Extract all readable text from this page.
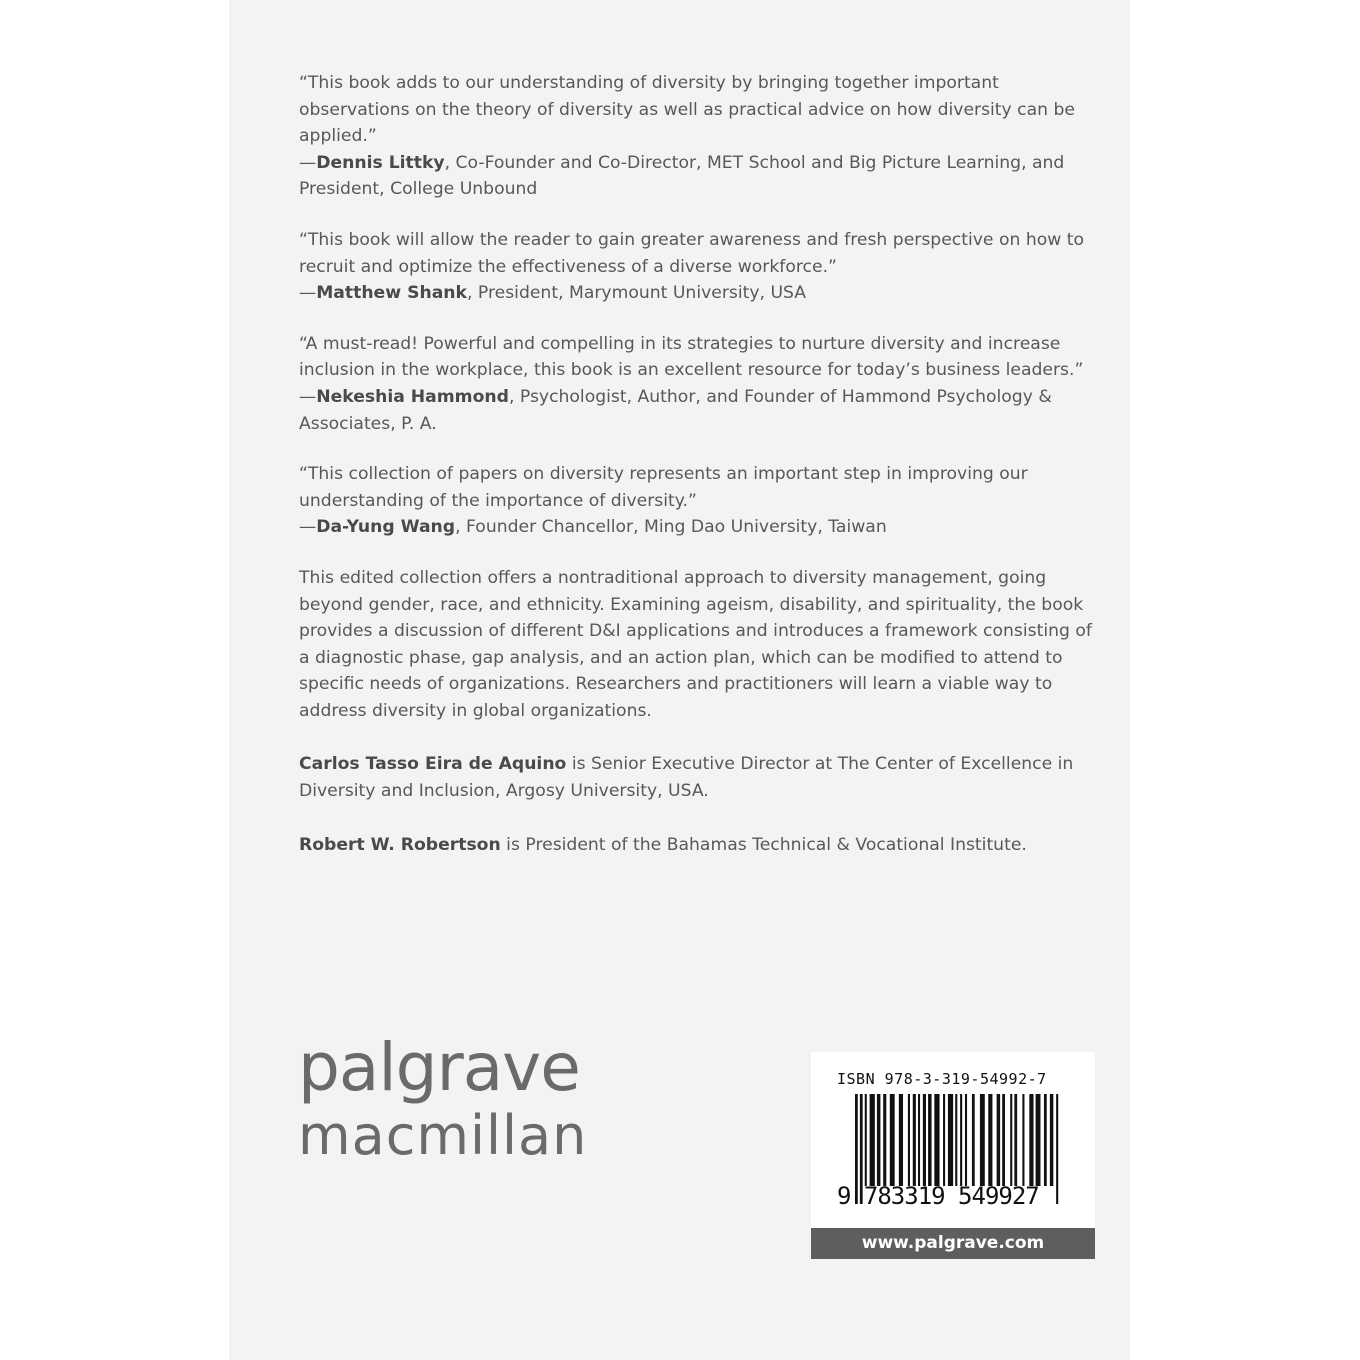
“This book adds to our understanding of diversity by bringing together important observations on the theory of diversity as well as practical advice on how diversity can be applied.”
—Dennis Littky, Co-Founder and Co-Director, MET School and Big Picture Learning, and President, College Unbound

“This book will allow the reader to gain greater awareness and fresh perspective on how to recruit and optimize the effectiveness of a diverse workforce.”
—Matthew Shank, President, Marymount University, USA

“A must-read! Powerful and compelling in its strategies to nurture diversity and increase inclusion in the workplace, this book is an excellent resource for today’s business leaders.”
—Nekeshia Hammond, Psychologist, Author, and Founder of Hammond Psychology & Associates, P. A.

“This collection of papers on diversity represents an important step in improving our understanding of the importance of diversity.”
—Da-Yung Wang, Founder Chancellor, Ming Dao University, Taiwan

This edited collection offers a nontraditional approach to diversity management, going beyond gender, race, and ethnicity. Examining ageism, disability, and spirituality, the book provides a discussion of different D&I applications and introduces a framework consisting of a diagnostic phase, gap analysis, and an action plan, which can be modified to attend to specific needs of organizations. Researchers and practitioners will learn a viable way to address diversity in global organizations.

Carlos Tasso Eira de Aquino is Senior Executive Director at The Center of Excellence in Diversity and Inclusion, Argosy University, USA.

Robert W. Robertson is President of the Bahamas Technical & Vocational Institute.

palgrave
macmillan
ISBN 978-3-319-54992-7
9 783319 549927
www.palgrave.com
